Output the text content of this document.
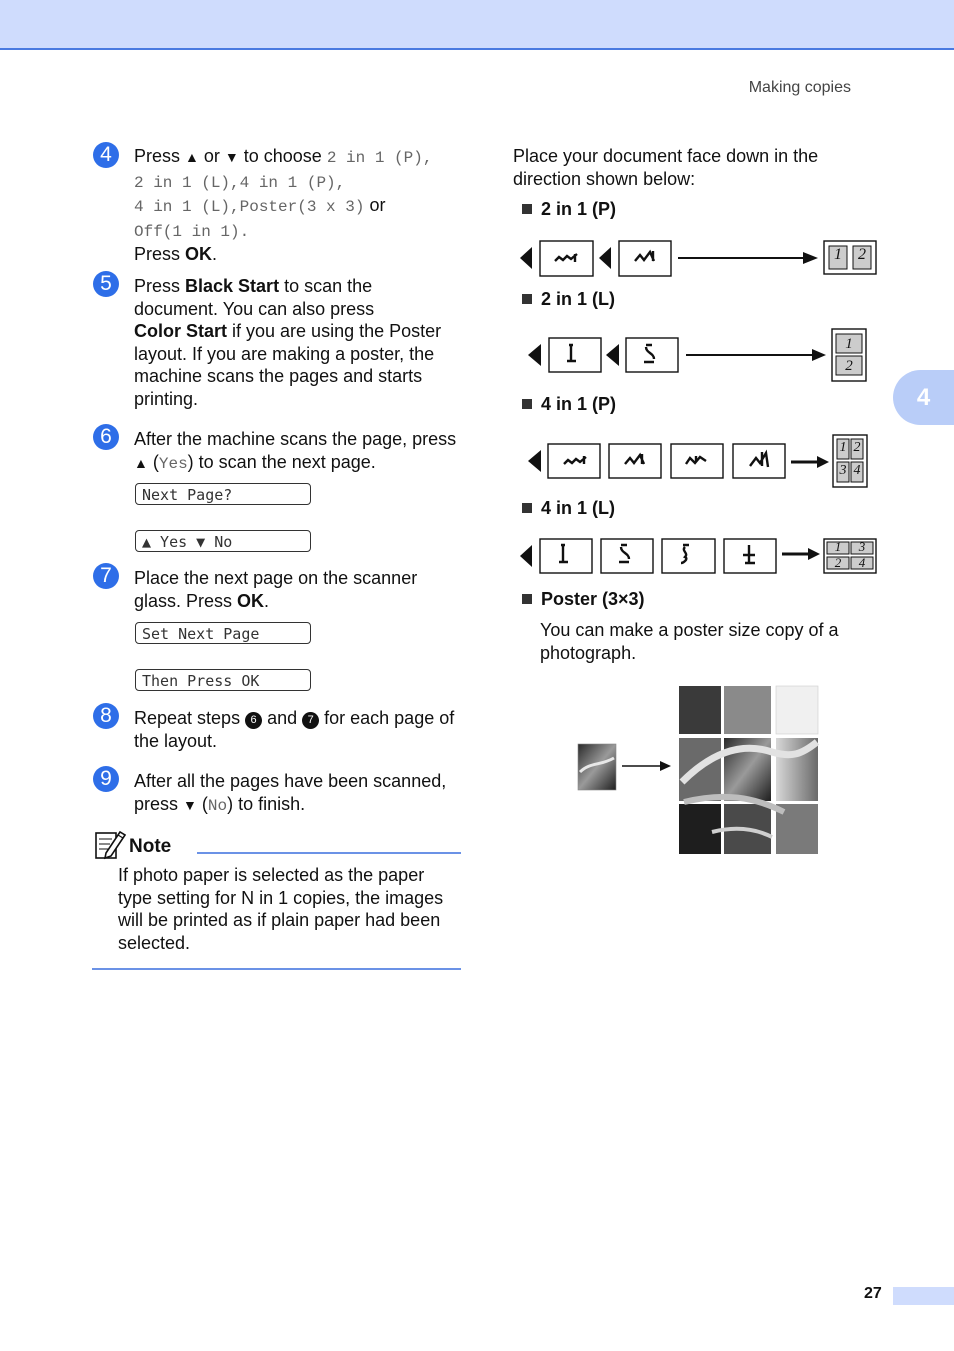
Making copies
4
4	Press ▲ or ▼ to choose 2 in 1 (P),
2 in 1 (L),4 in 1 (P),
4 in 1 (L),Poster(3 x 3) or
Off(1 in 1).
Press OK.
5	Press Black Start to scan the
document. You can also press
Color Start if you are using the Poster
layout. If you are making a poster, the
machine scans the pages and starts
printing.
6	After the machine scans the page, press
▲ (Yes) to scan the next page.
Next Page?
▲ Yes ▼ No
7	Place the next page on the scanner
glass. Press OK.
Set Next Page
Then Press OK
8	Repeat steps 6 and 7 for each page of
the layout.
9	After all the pages have been scanned,
press ▼ (No) to finish.
Note
If photo paper is selected as the paper
type setting for N in 1 copies, the images
will be printed as if plain paper had been
selected.
Place your document face down in the
direction shown below:
2 in 1 (P)
1	2
2 in 1 (L)
1
2
4 in 1 (P)
1 2
3 4
4 in 1 (L)
1	3
2	4
Poster (3×3)
You can make a poster size copy of a
photograph.
27
